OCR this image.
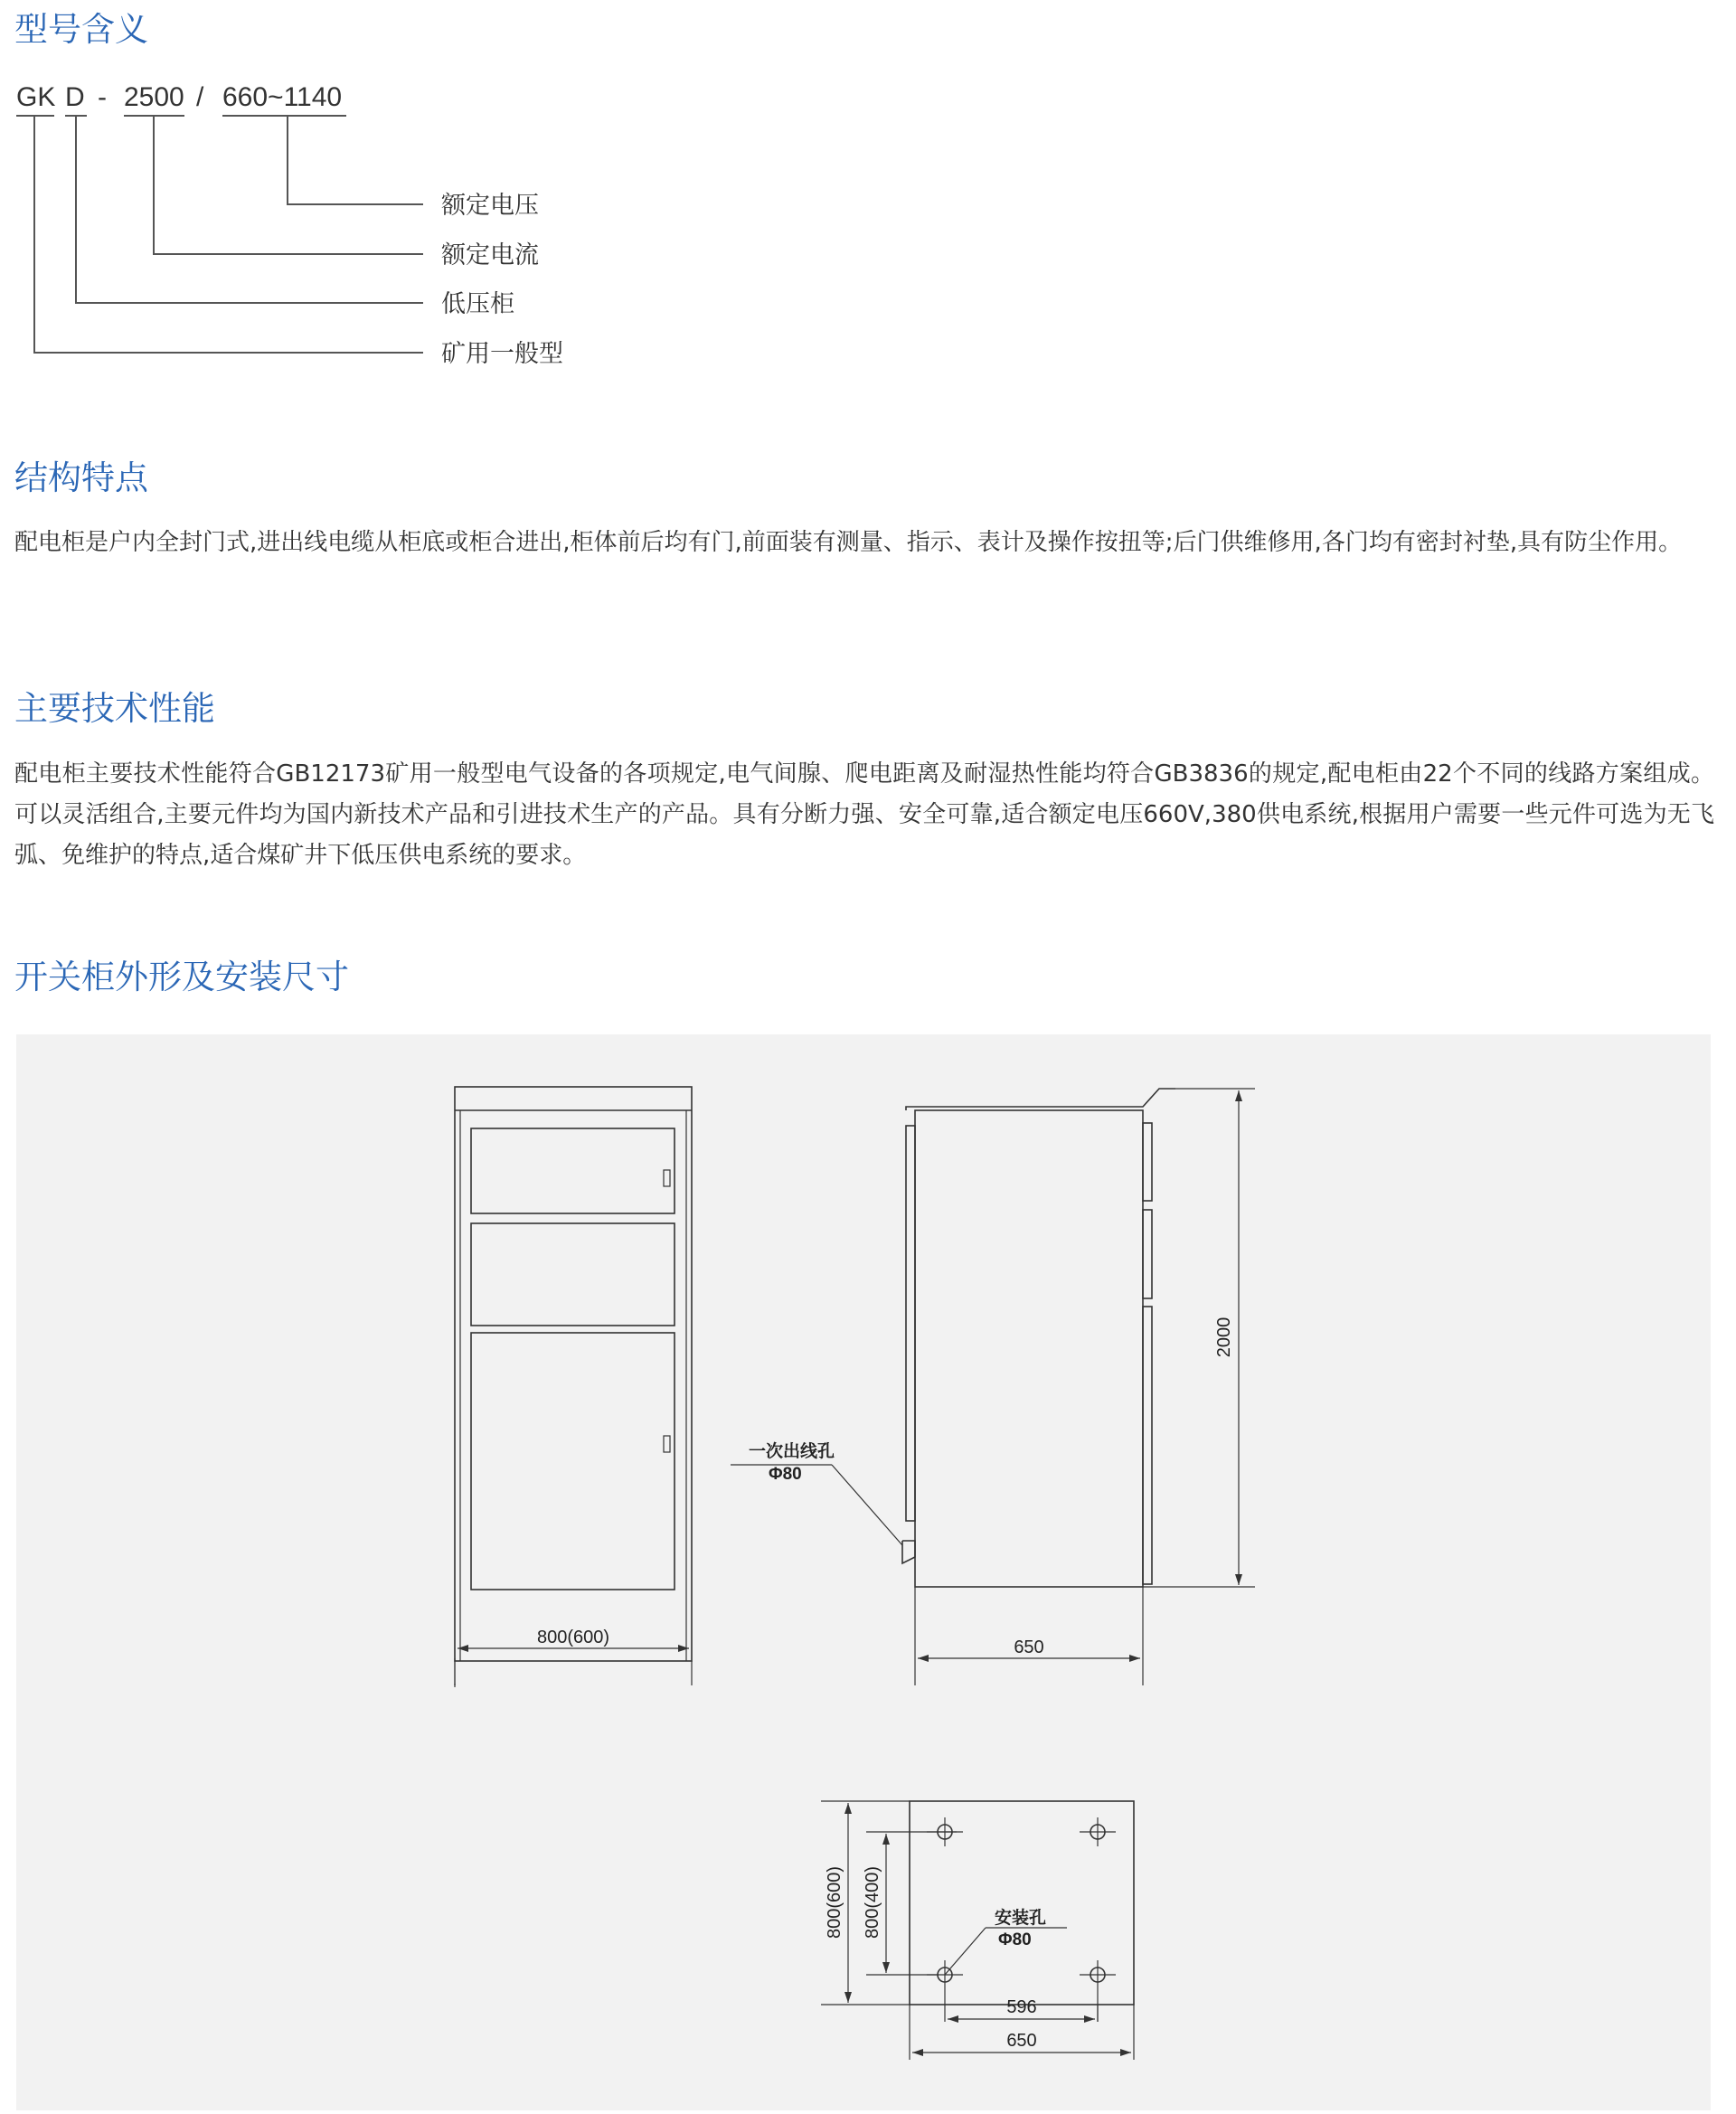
型号含义
GK D - 2500 / 660~1140
额定电压
额定电流
低压柜
矿用一般型
结构特点

配电柜是户内全封门式,进出线电缆从柜底或柜合进出,柜体前后均有门,前面装有测量、指示、表计及操作按扭等;后门供维修用,各门均有密封衬垫,具有防尘作用。

主要技术性能

配电柜主要技术性能符合GB12173矿用一般型电气设备的各项规定,电气间腺、爬电距离及耐湿热性能均符合GB3836的规定,配电柜由22个不同的线路方案组成。可以灵活组合,主要元件均为国内新技术产品和引进技术生产的产品。具有分断力强、安全可靠,适合额定电压660V,380供电系统,根据用户需要一些元件可选为无飞弧、免维护的特点,适合煤矿井下低压供电系统的要求。

开关柜外形及安装尺寸
800(600)
2000
650
一次出线孔
Φ80
800(600) 800(400)	安装孔
Φ80
596
650
